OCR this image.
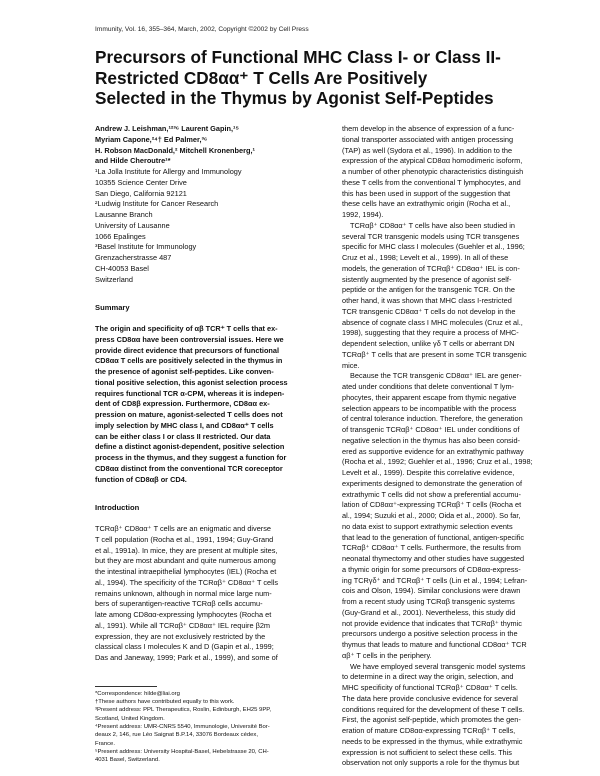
Immunity, Vol. 16, 355–364, March, 2002, Copyright ©2002 by Cell Press
Precursors of Functional MHC Class I- or Class II-
Restricted CD8αα⁺ T Cells Are Positively
Selected in the Thymus by Agonist Self-Peptides
Andrew J. Leishman,¹²³⁶ Laurent Gapin,¹⁵
Myriam Capone,²⁴† Ed Palmer,³⁶
H. Robson MacDonald,² Mitchell Kronenberg,¹
and Hilde Cheroutre¹*
¹La Jolla Institute for Allergy and Immunology
10355 Science Center Drive
San Diego, California 92121
²Ludwig Institute for Cancer Research
Lausanne Branch
University of Lausanne
1066 Epalinges
³Basel Institute for Immunology
Grenzacherstrasse 487
CH-40053 Basel
Switzerland
Summary
The origin and specificity of αβ TCR⁺ T cells that ex-
press CD8αα have been controversial issues. Here we
provide direct evidence that precursors of functional
CD8αα T cells are positively selected in the thymus in
the presence of agonist self-peptides. Like conven-
tional positive selection, this agonist selection process
requires functional TCR α-CPM, whereas it is indepen-
dent of CD8β expression. Furthermore, CD8αα ex-
pression on mature, agonist-selected T cells does not
imply selection by MHC class I, and CD8αα⁺ T cells
can be either class I or class II restricted. Our data
define a distinct agonist-dependent, positive selection
process in the thymus, and they suggest a function for
CD8αα distinct from the conventional TCR coreceptor
function of CD8αβ or CD4.
Introduction
TCRαβ⁺ CD8αα⁺ T cells are an enigmatic and diverse
T cell population (Rocha et al., 1991, 1994; Guy-Grand
et al., 1991a). In mice, they are present at multiple sites,
but they are most abundant and quite numerous among
the intestinal intraepithelial lymphocytes (IEL) (Rocha et
al., 1994). The specificity of the TCRαβ⁺ CD8αα⁺ T cells
remains unknown, although in normal mice large num-
bers of superantigen-reactive TCRαβ cells accumu-
late among CD8αα-expressing lymphocytes (Rocha et
al., 1991). While all TCRαβ⁺ CD8αα⁺ IEL require β2m
expression, they are not exclusively restricted by the
classical class I molecules K and D (Gapin et al., 1999;
Das and Janeway, 1999; Park et al., 1999), and some of
*Correspondence: hilde@liai.org
†These authors have contributed equally to this work.
³Present address: PPL Therapeutics, Roslin, Edinburgh, EH25 9PP,
Scotland, United Kingdom.
⁴Present address: UMR-CNRS 5540, Immunologie, Université Bor-
deaux 2, 146, rue Léo Saignat B.P.14, 33076 Bordeaux cédex,
France.
⁵Present address: University Hospital-Basel, Hebelstrasse 20, CH-
4031 Basel, Switzerland.
them develop in the absence of expression of a func-
tional transporter associated with antigen processing
(TAP) as well (Sydora et al., 1996). In addition to the
expression of the atypical CD8αα homodimeric isoform,
a number of other phenotypic characteristics distinguish
these T cells from the conventional T lymphocytes, and
this has been used in support of the suggestion that
these cells have an extrathymic origin (Rocha et al.,
1992, 1994).
TCRαβ⁺ CD8αα⁺ T cells have also been studied in
several TCR transgenic models using TCR transgenes
specific for MHC class I molecules (Guehler et al., 1996;
Cruz et al., 1998; Levelt et al., 1999). In all of these
models, the generation of TCRαβ⁺ CD8αα⁺ IEL is con-
sistently augmented by the presence of agonist self-
peptide or the antigen for the transgenic TCR. On the
other hand, it was shown that MHC class I-restricted
TCR transgenic CD8αα⁺ T cells do not develop in the
absence of cognate class I MHC molecules (Cruz et al.,
1998), suggesting that they require a process of MHC-
dependent selection, unlike γδ T cells or aberrant DN
TCRαβ⁺ T cells that are present in some TCR transgenic
mice.
Because the TCR transgenic CD8αα⁺ IEL are gener-
ated under conditions that delete conventional T lym-
phocytes, their apparent escape from thymic negative
selection appears to be incompatible with the process
of central tolerance induction. Therefore, the generation
of transgenic TCRαβ⁺ CD8αα⁺ IEL under conditions of
negative selection in the thymus has also been consid-
ered as supportive evidence for an extrathymic pathway
(Rocha et al., 1992; Guehler et al., 1996; Cruz et al., 1998;
Levelt et al., 1999). Despite this correlative evidence,
experiments designed to demonstrate the generation of
extrathymic T cells did not show a preferential accumu-
lation of CD8αα⁺-expressing TCRαβ⁺ T cells (Rocha et
al., 1994; Suzuki et al., 2000; Oida et al., 2000). So far,
no data exist to support extrathymic selection events
that lead to the generation of functional, antigen-specific
TCRαβ⁺ CD8αα⁺ T cells. Furthermore, the results from
neonatal thymectomy and other studies have suggested
a thymic origin for some precursors of CD8αα-express-
ing TCRγδ⁺ and TCRαβ⁺ T cells (Lin et al., 1994; Lefran-
cois and Olson, 1994). Similar conclusions were drawn
from a recent study using TCRαβ transgenic systems
(Guy-Grand et al., 2001). Nevertheless, this study did
not provide evidence that indicates that TCRαβ⁺ thymic
precursors undergo a positive selection process in the
thymus that leads to mature and functional CD8αα⁺ TCR
αβ⁺ T cells in the periphery.
We have employed several transgenic model systems
to determine in a direct way the origin, selection, and
MHC specificity of functional TCRαβ⁺ CD8αα⁺ T cells.
The data here provide conclusive evidence for several
conditions required for the development of these T cells.
First, the agonist self-peptide, which promotes the gen-
eration of mature CD8αα-expressing TCRαβ⁺ T cells,
needs to be expressed in the thymus, while extrathymic
expression is not sufficient to select these cells. This
observation not only supports a role for the thymus but
